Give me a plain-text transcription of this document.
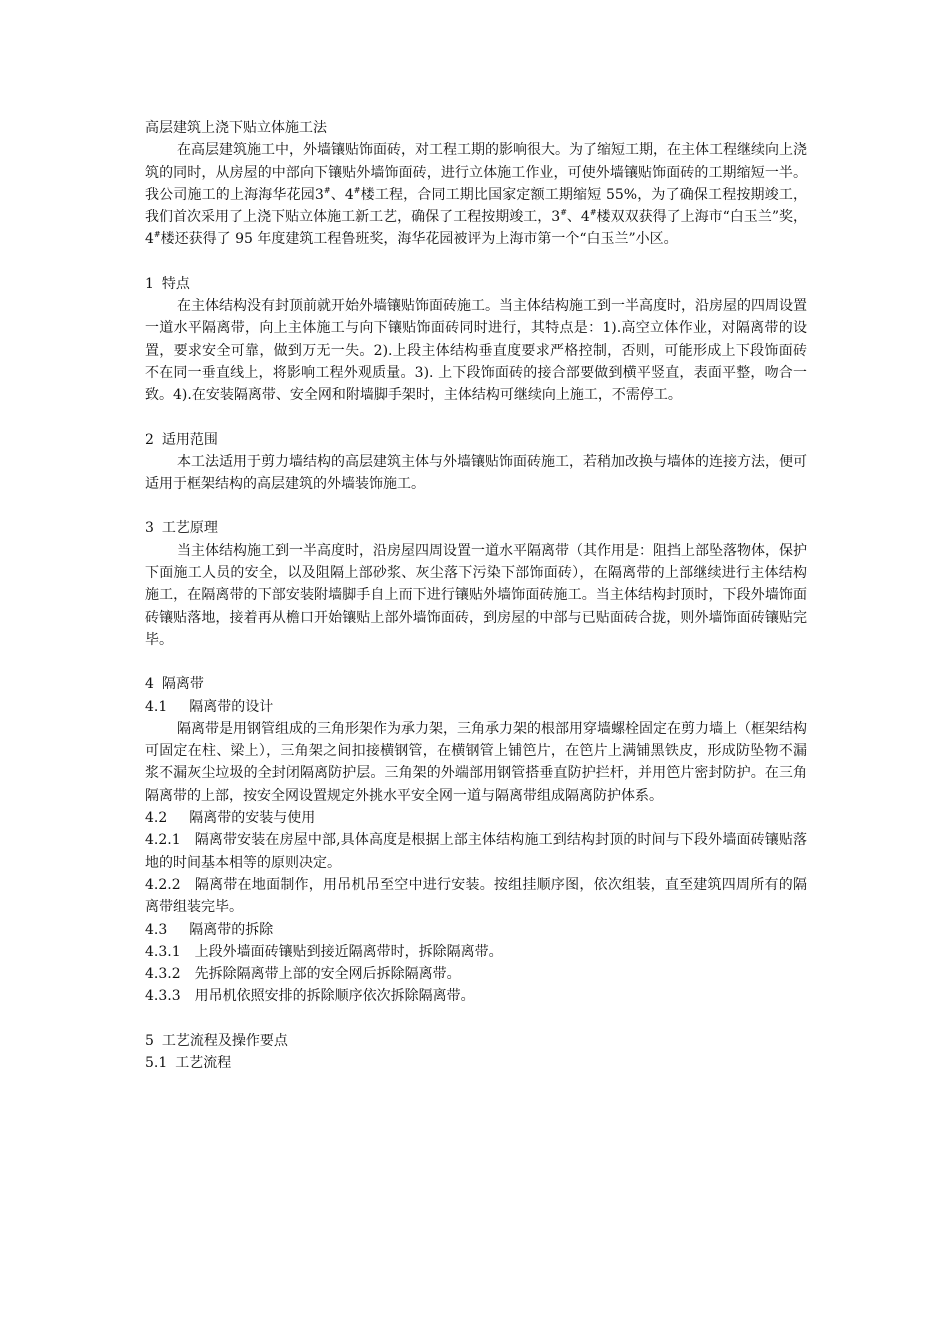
高层建筑上浇下贴立体施工法

在高层建筑施工中，外墙镶贴饰面砖，对工程工期的影响很大。为了缩短工期，在主体工程继续向上浇筑的同时，从房屋的中部向下镶贴外墙饰面砖，进行立体施工作业，可使外墙镶贴饰面砖的工期缩短一半。我公司施工的上海海华花园3#、4#楼工程，合同工期比国家定额工期缩短 55%，为了确保工程按期竣工，我们首次采用了上浇下贴立体施工新工艺，确保了工程按期竣工，3#、4#楼双双获得了上海市“白玉兰”奖，4#楼还获得了 95 年度建筑工程鲁班奖，海华花园被评为上海市第一个“白玉兰”小区。

1 特点

在主体结构没有封顶前就开始外墙镶贴饰面砖施工。当主体结构施工到一半高度时，沿房屋的四周设置一道水平隔离带，向上主体施工与向下镶贴饰面砖同时进行，其特点是：1).高空立体作业，对隔离带的设置，要求安全可靠，做到万无一失。2).上段主体结构垂直度要求严格控制，否则，可能形成上下段饰面砖不在同一垂直线上，将影响工程外观质量。3). 上下段饰面砖的接合部要做到横平竖直，表面平整，吻合一致。4).在安装隔离带、安全网和附墙脚手架时，主体结构可继续向上施工，不需停工。

2 适用范围

本工法适用于剪力墙结构的高层建筑主体与外墙镶贴饰面砖施工，若稍加改换与墙体的连接方法，便可适用于框架结构的高层建筑的外墙装饰施工。

3 工艺原理

当主体结构施工到一半高度时，沿房屋四周设置一道水平隔离带（其作用是：阻挡上部坠落物体，保护下面施工人员的安全，以及阻隔上部砂浆、灰尘落下污染下部饰面砖），在隔离带的上部继续进行主体结构施工，在隔离带的下部安装附墙脚手自上而下进行镶贴外墙饰面砖施工。当主体结构封顶时，下段外墙饰面砖镶贴落地，接着再从檐口开始镶贴上部外墙饰面砖，到房屋的中部与已贴面砖合拢，则外墙饰面砖镶贴完毕。

4 隔离带

4.1 隔离带的设计

隔离带是用钢管组成的三角形架作为承力架，三角承力架的根部用穿墙螺栓固定在剪力墙上（框架结构可固定在柱、梁上），三角架之间扣接横钢管，在横钢管上铺笆片，在笆片上满铺黑铁皮，形成防坠物不漏浆不漏灰尘垃圾的全封闭隔离防护层。三角架的外端部用钢管搭垂直防护拦杆，并用笆片密封防护。在三角隔离带的上部，按安全网设置规定外挑水平安全网一道与隔离带组成隔离防护体系。

4.2 隔离带的安装与使用

4.2.1 隔离带安装在房屋中部,具体高度是根据上部主体结构施工到结构封顶的时间与下段外墙面砖镶贴落地的时间基本相等的原则决定。

4.2.2 隔离带在地面制作，用吊机吊至空中进行安装。按组挂顺序图，依次组装，直至建筑四周所有的隔离带组装完毕。

4.3 隔离带的拆除

4.3.1 上段外墙面砖镶贴到接近隔离带时，拆除隔离带。

4.3.2 先拆除隔离带上部的安全网后拆除隔离带。

4.3.3 用吊机依照安排的拆除顺序依次拆除隔离带。

5 工艺流程及操作要点

5.1 工艺流程
